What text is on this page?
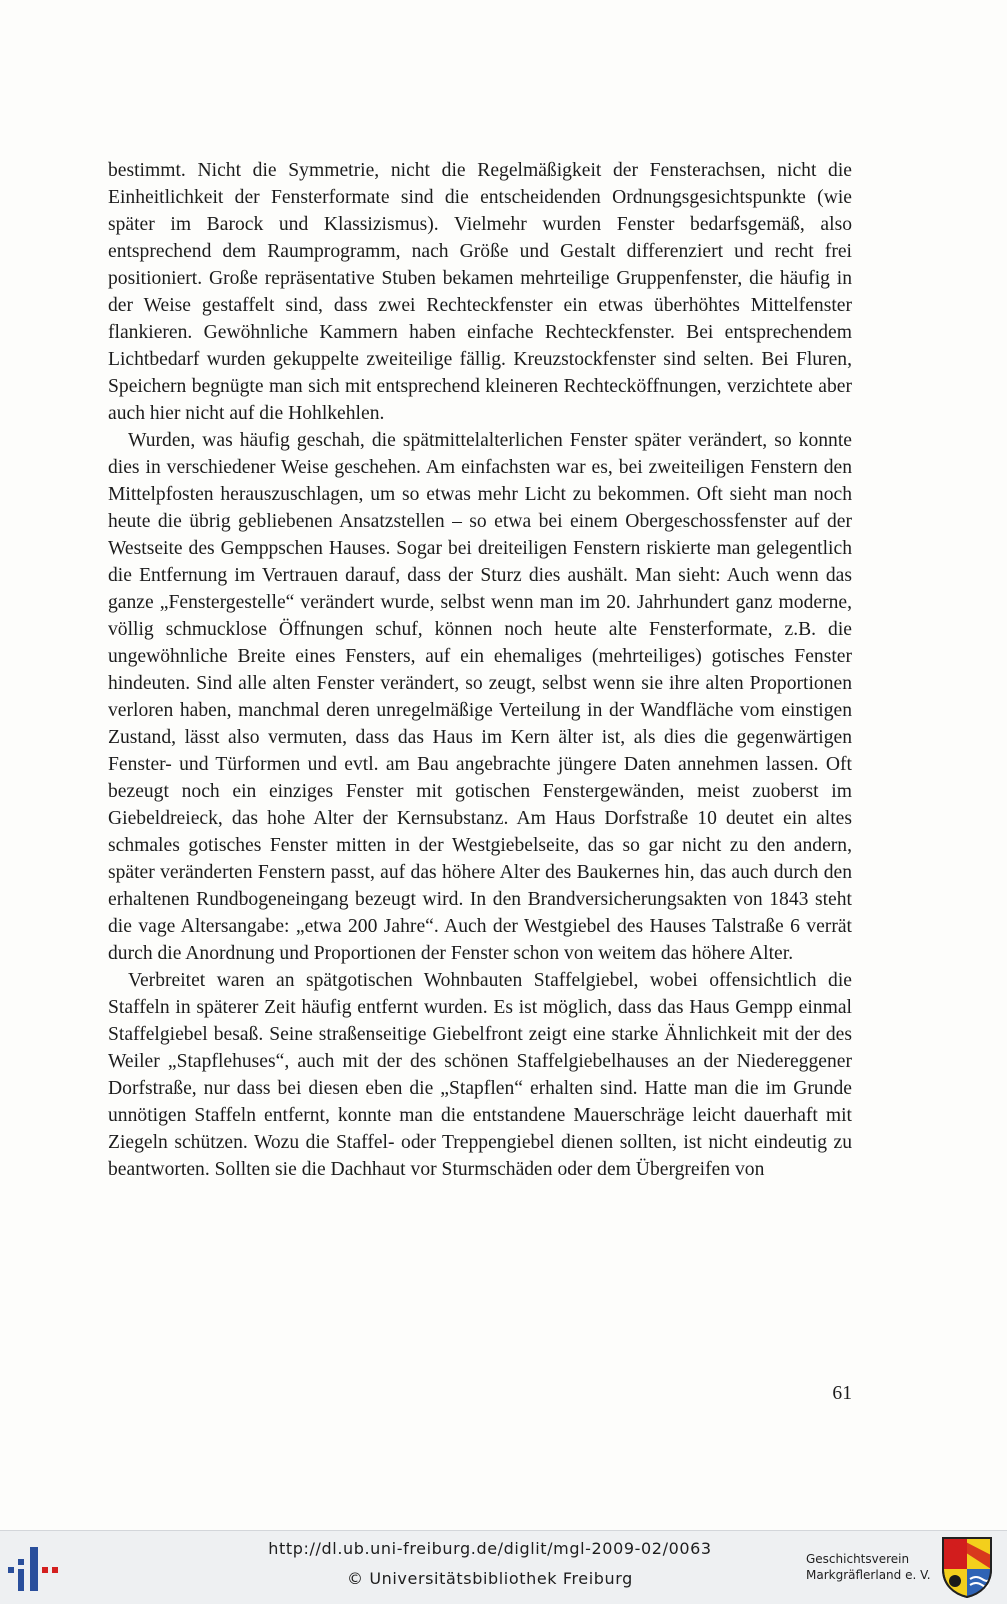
bestimmt. Nicht die Symmetrie, nicht die Regelmäßigkeit der Fensterachsen, nicht die Einheitlichkeit der Fensterformate sind die entscheidenden Ordnungsgesichtspunkte (wie später im Barock und Klassizismus). Vielmehr wurden Fenster bedarfsgemäß, also entsprechend dem Raumprogramm, nach Größe und Gestalt differenziert und recht frei positioniert. Große repräsentative Stuben bekamen mehrteilige Gruppenfenster, die häufig in der Weise gestaffelt sind, dass zwei Rechteckfenster ein etwas überhöhtes Mittelfenster flankieren. Gewöhnliche Kammern haben einfache Rechteckfenster. Bei entsprechendem Lichtbedarf wurden gekuppelte zweiteilige fällig. Kreuzstockfenster sind selten. Bei Fluren, Speichern begnügte man sich mit entsprechend kleineren Rechtecköffnungen, verzichtete aber auch hier nicht auf die Hohlkehlen.

Wurden, was häufig geschah, die spätmittelalterlichen Fenster später verändert, so konnte dies in verschiedener Weise geschehen. Am einfachsten war es, bei zweiteiligen Fenstern den Mittelpfosten herauszuschlagen, um so etwas mehr Licht zu bekommen. Oft sieht man noch heute die übrig gebliebenen Ansatzstellen – so etwa bei einem Obergeschossfenster auf der Westseite des Gemppschen Hauses. Sogar bei dreiteiligen Fenstern riskierte man gelegentlich die Entfernung im Vertrauen darauf, dass der Sturz dies aushält. Man sieht: Auch wenn das ganze „Fenstergestelle“ verändert wurde, selbst wenn man im 20. Jahrhundert ganz moderne, völlig schmucklose Öffnungen schuf, können noch heute alte Fensterformate, z.B. die ungewöhnliche Breite eines Fensters, auf ein ehemaliges (mehrteiliges) gotisches Fenster hindeuten. Sind alle alten Fenster verändert, so zeugt, selbst wenn sie ihre alten Proportionen verloren haben, manchmal deren unregelmäßige Verteilung in der Wandfläche vom einstigen Zustand, lässt also vermuten, dass das Haus im Kern älter ist, als dies die gegenwärtigen Fenster- und Türformen und evtl. am Bau angebrachte jüngere Daten annehmen lassen. Oft bezeugt noch ein einziges Fenster mit gotischen Fenstergewänden, meist zuoberst im Giebeldreieck, das hohe Alter der Kernsubstanz. Am Haus Dorfstraße 10 deutet ein altes schmales gotisches Fenster mitten in der Westgiebelseite, das so gar nicht zu den andern, später veränderten Fenstern passt, auf das höhere Alter des Baukernes hin, das auch durch den erhaltenen Rundbogeneingang bezeugt wird. In den Brandversicherungsakten von 1843 steht die vage Altersangabe: „etwa 200 Jahre“. Auch der Westgiebel des Hauses Talstraße 6 verrät durch die Anordnung und Proportionen der Fenster schon von weitem das höhere Alter.

Verbreitet waren an spätgotischen Wohnbauten Staffelgiebel, wobei offensichtlich die Staffeln in späterer Zeit häufig entfernt wurden. Es ist möglich, dass das Haus Gempp einmal Staffelgiebel besaß. Seine straßenseitige Giebelfront zeigt eine starke Ähnlichkeit mit der des Weiler „Stapflehuses“, auch mit der des schönen Staffelgiebelhauses an der Niedereggener Dorfstraße, nur dass bei diesen eben die „Stapflen“ erhalten sind. Hatte man die im Grunde unnötigen Staffeln entfernt, konnte man die entstandene Mauerschräge leicht dauerhaft mit Ziegeln schützen. Wozu die Staffel- oder Treppengiebel dienen sollten, ist nicht eindeutig zu beantworten. Sollten sie die Dachhaut vor Sturmschäden oder dem Übergreifen von

61
http://dl.ub.uni-freiburg.de/diglit/mgl-2009-02/0063
© Universitätsbibliothek Freiburg
Geschichtsverein
Markgräflerland e. V.
